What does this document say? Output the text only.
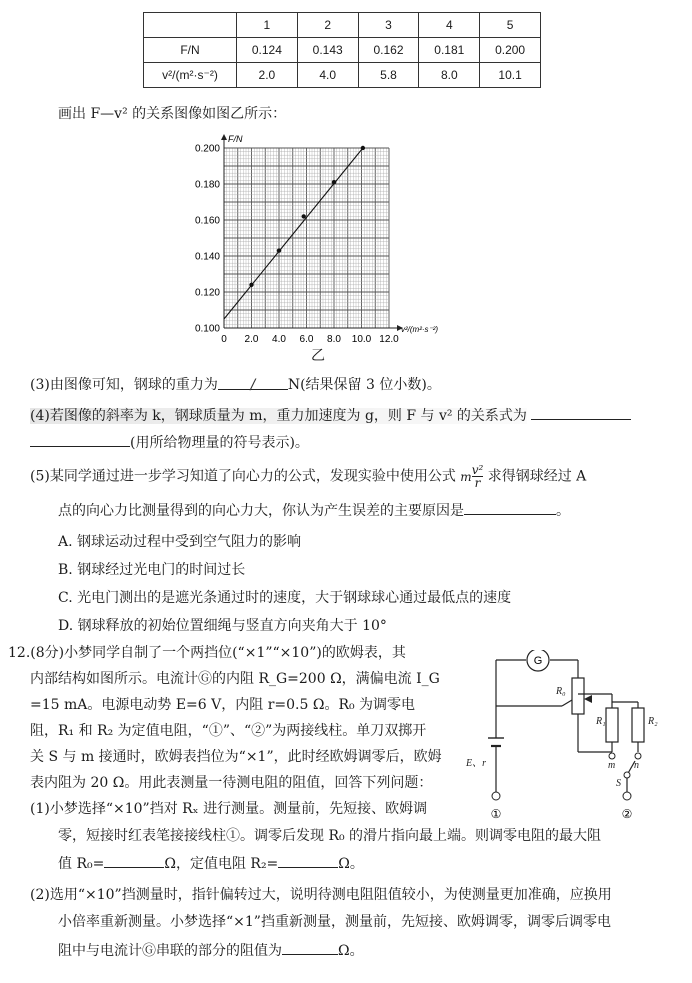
	1	2	3	4	5
F/N	0.124	0.143	0.162	0.181	0.200
v²/(m²·s⁻²)	2.0	4.0	5.8	8.0	10.1
画出 F—v² 的关系图像如图乙所示：
0 2.0 4.0 6.0 8.0 10.0 12.0
0.100
0.120
0.140
0.160
0.180
0.200
F/N
v²/(m²·s⁻²)
乙
(3)由图像可知，钢球的重力为 / N(结果保留 3 位小数)。
(4)若图像的斜率为 k，钢球质量为 m，重力加速度为 g，则 F 与 v² 的关系式为
(用所给物理量的符号表示)。
(5)某同学通过进一步学习知道了向心力的公式，发现实验中使用公式 m $\frac{\text{v²}}{r}$ 求得钢球经过 A
点的向心力比测量得到的向心力大，你认为产生误差的主要原因是	。
A. 钢球运动过程中受到空气阻力的影响
B. 钢球经过光电门的时间过长
C. 光电门测出的是遮光条通过时的速度，大于钢球球心通过最低点的速度
D. 钢球释放的初始位置细绳与竖直方向夹角大于 10°
12.(8分)小梦同学自制了一个两挡位(“×1”“×10”)的欧姆表，其
内部结构如图所示。电流计Ⓖ的内阻 R_G=200 Ω，满偏电流 I_G
=15 mA。电源电动势 E=6 V，内阻 r=0.5 Ω。R₀ 为调零电
阻，R₁ 和 R₂ 为定值电阻，“①”、“②”为两接线柱。单刀双掷开
关 S 与 m 接通时，欧姆表挡位为“×1”，此时经欧姆调零后，欧姆
表内阻为 20 Ω。用此表测量一待测电阻的阻值，回答下列问题：
(1)小梦选择“×10”挡对 Rₓ 进行测量。测量前，先短接、欧姆调
零，短接时红表笔接接线柱①。调零后发现 R₀ 的滑片指向最上端。则调零电阻的最大阻
值 R₀=	Ω，定值电阻 R₂=	Ω。
(2)选用“×10”挡测量时，指针偏转过大，说明待测电阻阻值较小，为使测量更加准确，应换用
小倍率重新测量。小梦选择“×1”挡重新测量，测量前，先短接、欧姆调零，调零后调零电
阻中与电流计Ⓖ串联的部分的阻值为	Ω。
G
R₀
R₁	R₂
E、r	m n
S
①	②
